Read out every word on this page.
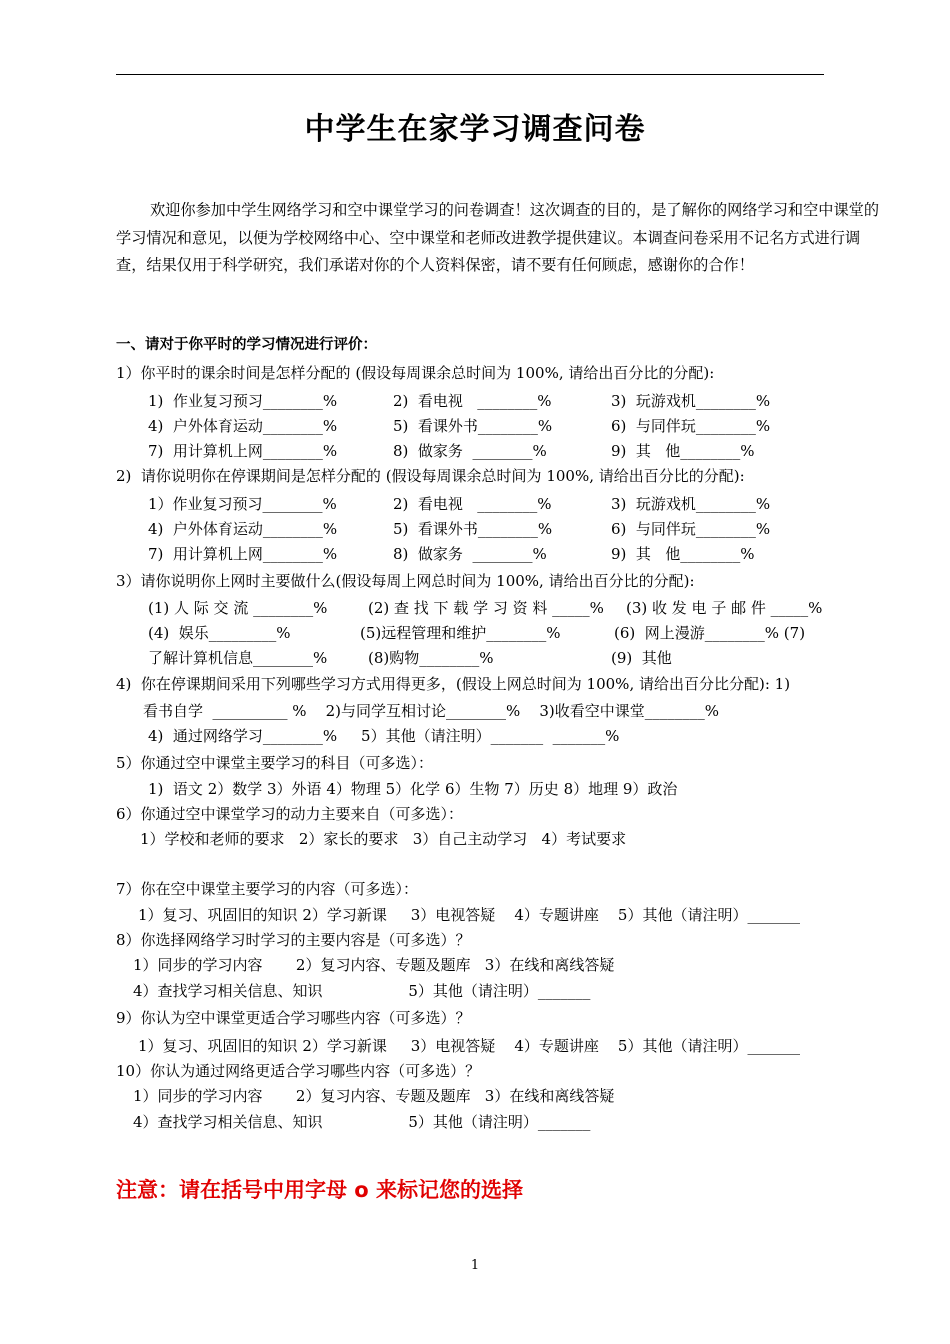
中学生在家学习调查问卷
欢迎你参加中学生网络学习和空中课堂学习的问卷调查！这次调查的目的，是了解你的网络学习和空中课堂的学习情况和意见，以便为学校网络中心、空中课堂和老师改进教学提供建议。本调查问卷采用不记名方式进行调查，结果仅用于科学研究，我们承诺对你的个人资料保密，请不要有任何顾虑，感谢你的合作！
一、请对于你平时的学习情况进行评价：
1）你平时的课余时间是怎样分配的 (假设每周课余总时间为 100%, 请给出百分比的分配):
1)  作业复习预习________%	2)  看电视   ________%	3)  玩游戏机________%
4)  户外体育运动________%	5)  看课外书________%	6)  与同伴玩________%
7)  用计算机上网________%	8)  做家务  ________%	9)  其   他________%
2)  请你说明你在停课期间是怎样分配的 (假设每周课余总时间为 100%, 请给出百分比的分配):
1）作业复习预习________%	2)  看电视   ________%	3)  玩游戏机________%
4)  户外体育运动________%	5)  看课外书________%	6)  与同伴玩________%
7)  用计算机上网________%	8)  做家务  ________%	9)  其   他________%
3）请你说明你上网时主要做什么(假设每周上网总时间为 100%, 请给出百分比的分配):
(1) 人 际 交 流 ________%	(2) 查 找 下 载 学 习 资 料 _____% (3) 收 发 电 子 邮 件 _____%
(4)  娱乐_________%	(5)远程管理和维护________%	(6)  网上漫游________% (7)
了解计算机信息________%	(8)购物________%	(9)  其他
4)  你在停课期间采用下列哪些学习方式用得更多，(假设上网总时间为 100%, 请给出百分比分配): 1)
看书自学  __________ %    2)与同学互相讨论________%    3)收看空中课堂________%
4)  通过网络学习________%     5）其他（请注明）_______  _______%
5）你通过空中课堂主要学习的科目（可多选）：
1)  语文 2）数学 3）外语 4）物理 5）化学 6）生物 7）历史 8）地理 9）政治
6）你通过空中课堂学习的动力主要来自（可多选）：
1）学校和老师的要求   2）家长的要求   3）自己主动学习   4）考试要求
7）你在空中课堂主要学习的内容（可多选）：
1）复习、巩固旧的知识 2）学习新课     3）电视答疑    4）专题讲座    5）其他（请注明）_______
8）你选择网络学习时学习的主要内容是（可多选）？
1）同步的学习内容       2）复习内容、专题及题库   3）在线和离线答疑
4）查找学习相关信息、知识                  5）其他（请注明）_______
9）你认为空中课堂更适合学习哪些内容（可多选）？
1）复习、巩固旧的知识 2）学习新课     3）电视答疑    4）专题讲座    5）其他（请注明）_______
10）你认为通过网络更适合学习哪些内容（可多选）？
1）同步的学习内容       2）复习内容、专题及题库   3）在线和离线答疑
4）查找学习相关信息、知识                  5）其他（请注明）_______
注意：请在括号中用字母 o 来标记您的选择
1
